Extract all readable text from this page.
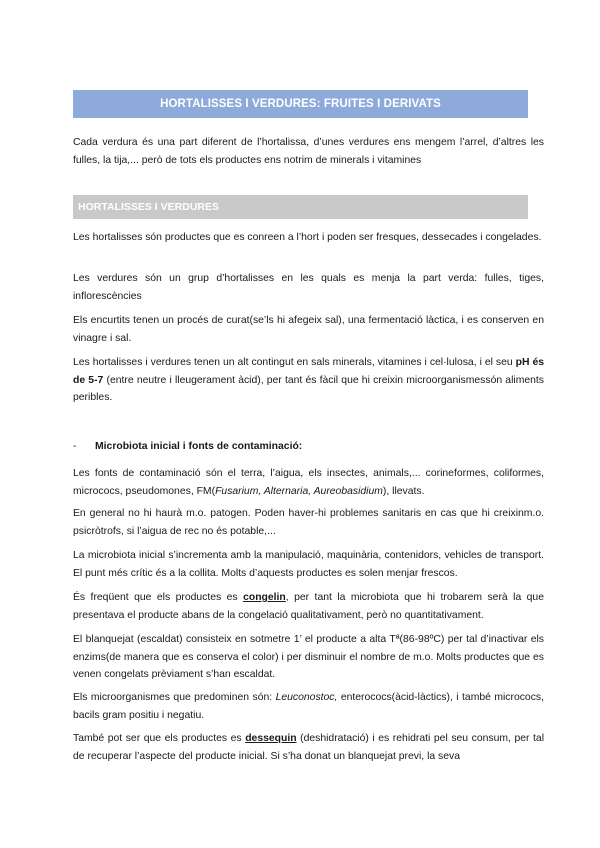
HORTALISSES I VERDURES: FRUITES I DERIVATS

Cada verdura és una part diferent de l’hortalissa, d’unes verdures ens mengem l’arrel, d’altres les fulles, la tija,... però de tots els productes ens notrim de minerals i vitamines

HORTALISSES I VERDURES

Les hortalisses són productes que es conreen a l’hort i poden ser fresques, dessecades i congelades.

Les verdures són un grup d’hortalisses en les quals es menja la part verda: fulles, tiges, inflorescències

Els encurtits tenen un procés de curat(se’ls hi afegeix sal), una fermentació làctica, i es conserven en vinagre i sal.

Les hortalisses i verdures tenen un alt contingut en sals minerals, vitamines i cel·lulosa, i el seu pH és de 5-7 (entre neutre i lleugerament àcid), per tant és fàcil que hi creixin microorganismessón aliments peribles.

- Microbiota inicial i fonts de contaminació:

Les fonts de contaminació són el terra, l’aigua, els insectes, animals,... corineformes, coliformes, micrococs, pseudomones, FM(Fusarium, Alternaria, Aureobasidium), llevats.

En general no hi haurà m.o. patogen. Poden haver-hi problemes sanitaris en cas que hi creixinm.o. psicròtrofs, si l’aigua de rec no és potable,...

La microbiota inicial s’incrementa amb la manipulació, maquinària, contenidors, vehicles de transport. El punt més crític és a la collita. Molts d’aquests productes es solen menjar frescos.

És freqüent que els productes es congelin, per tant la microbiota que hi trobarem serà la que presentava el producte abans de la congelació qualitativament, però no quantitativament.

El blanquejat (escaldat) consisteix en sotmetre 1’ el producte a alta Tª(86-98ºC) per tal d’inactivar els enzims(de manera que es conserva el color) i per disminuir el nombre de m.o. Molts productes que es venen congelats prèviament s’han escaldat.

Els microorganismes que predominen són: Leuconostoc, enterococs(àcid-làctics), i també micrococs, bacils gram positiu i negatiu.

També pot ser que els productes es dessequin (deshidratació) i es rehidrati pel seu consum, per tal de recuperar l’aspecte del producte inicial. Si s’ha donat un blanquejat previ, la seva
